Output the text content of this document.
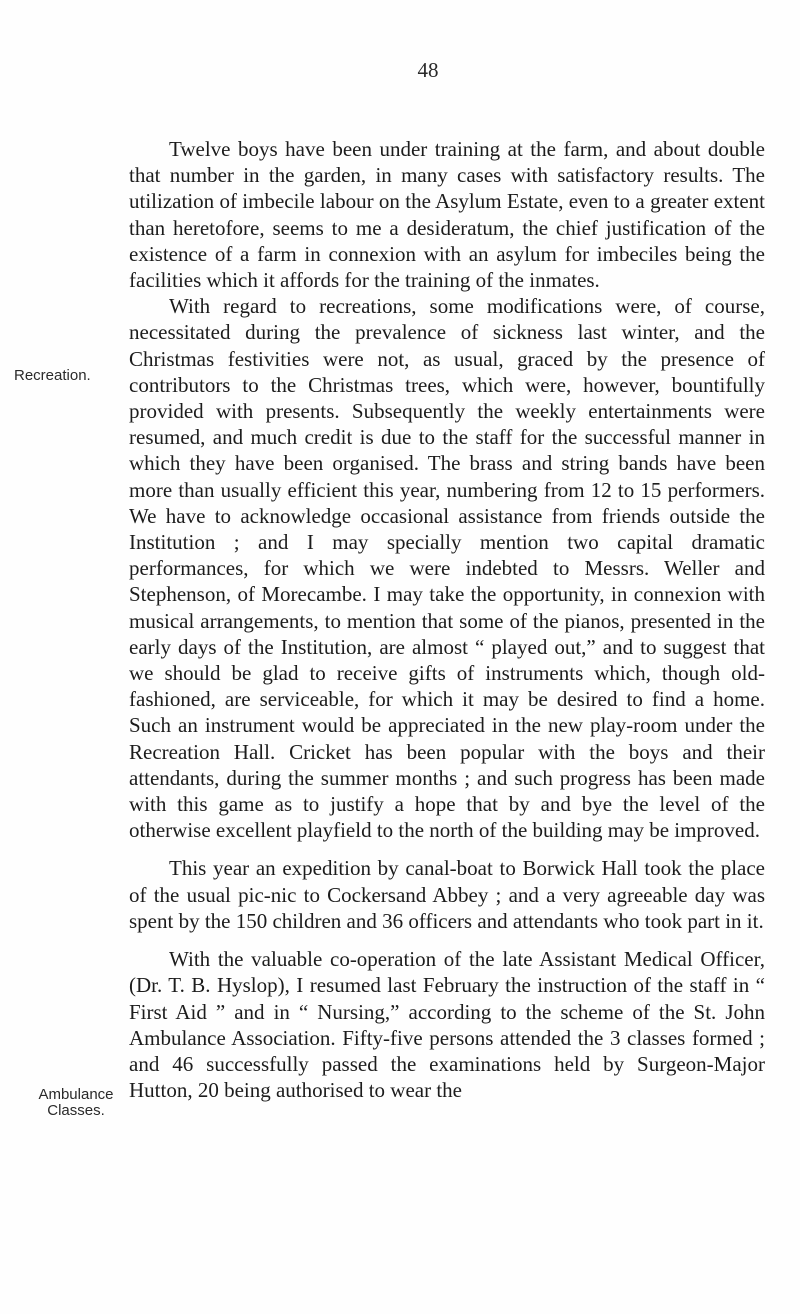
48
Recreation.
Ambulance
Classes.

Twelve boys have been under training at the farm, and about double that number in the garden, in many cases with satisfactory results. The utilization of imbecile labour on the Asylum Estate, even to a greater extent than heretofore, seems to me a desideratum, the chief justification of the existence of a farm in connexion with an asylum for imbeciles being the facilities which it affords for the training of the inmates.

With regard to recreations, some modifications were, of course, necessitated during the prevalence of sickness last winter, and the Christmas festivities were not, as usual, graced by the presence of contributors to the Christmas trees, which were, however, bountifully provided with presents. Subsequently the weekly entertainments were resumed, and much credit is due to the staff for the successful manner in which they have been organised. The brass and string bands have been more than usually efficient this year, numbering from 12 to 15 performers. We have to acknowledge occasional assistance from friends outside the Institution ; and I may specially mention two capital dramatic performances, for which we were indebted to Messrs. Weller and Stephenson, of Morecambe. I may take the opportunity, in connexion with musical arrangements, to mention that some of the pianos, presented in the early days of the Institution, are almost “ played out,” and to suggest that we should be glad to receive gifts of instruments which, though old-fashioned, are serviceable, for which it may be desired to find a home. Such an instrument would be appreciated in the new play-room under the Recreation Hall. Cricket has been popular with the boys and their attendants, during the summer months ; and such progress has been made with this game as to justify a hope that by and bye the level of the otherwise excellent playfield to the north of the building may be improved.

This year an expedition by canal-boat to Borwick Hall took the place of the usual pic-nic to Cockersand Abbey ; and a very agreeable day was spent by the 150 children and 36 officers and attendants who took part in it.

With the valuable co-operation of the late Assistant Medical Officer, (Dr. T. B. Hyslop), I resumed last February the instruction of the staff in “ First Aid ” and in “ Nursing,” according to the scheme of the St. John Ambulance Association. Fifty-five persons attended the 3 classes formed ; and 46 successfully passed the examinations held by Surgeon-Major Hutton, 20 being authorised to wear the
